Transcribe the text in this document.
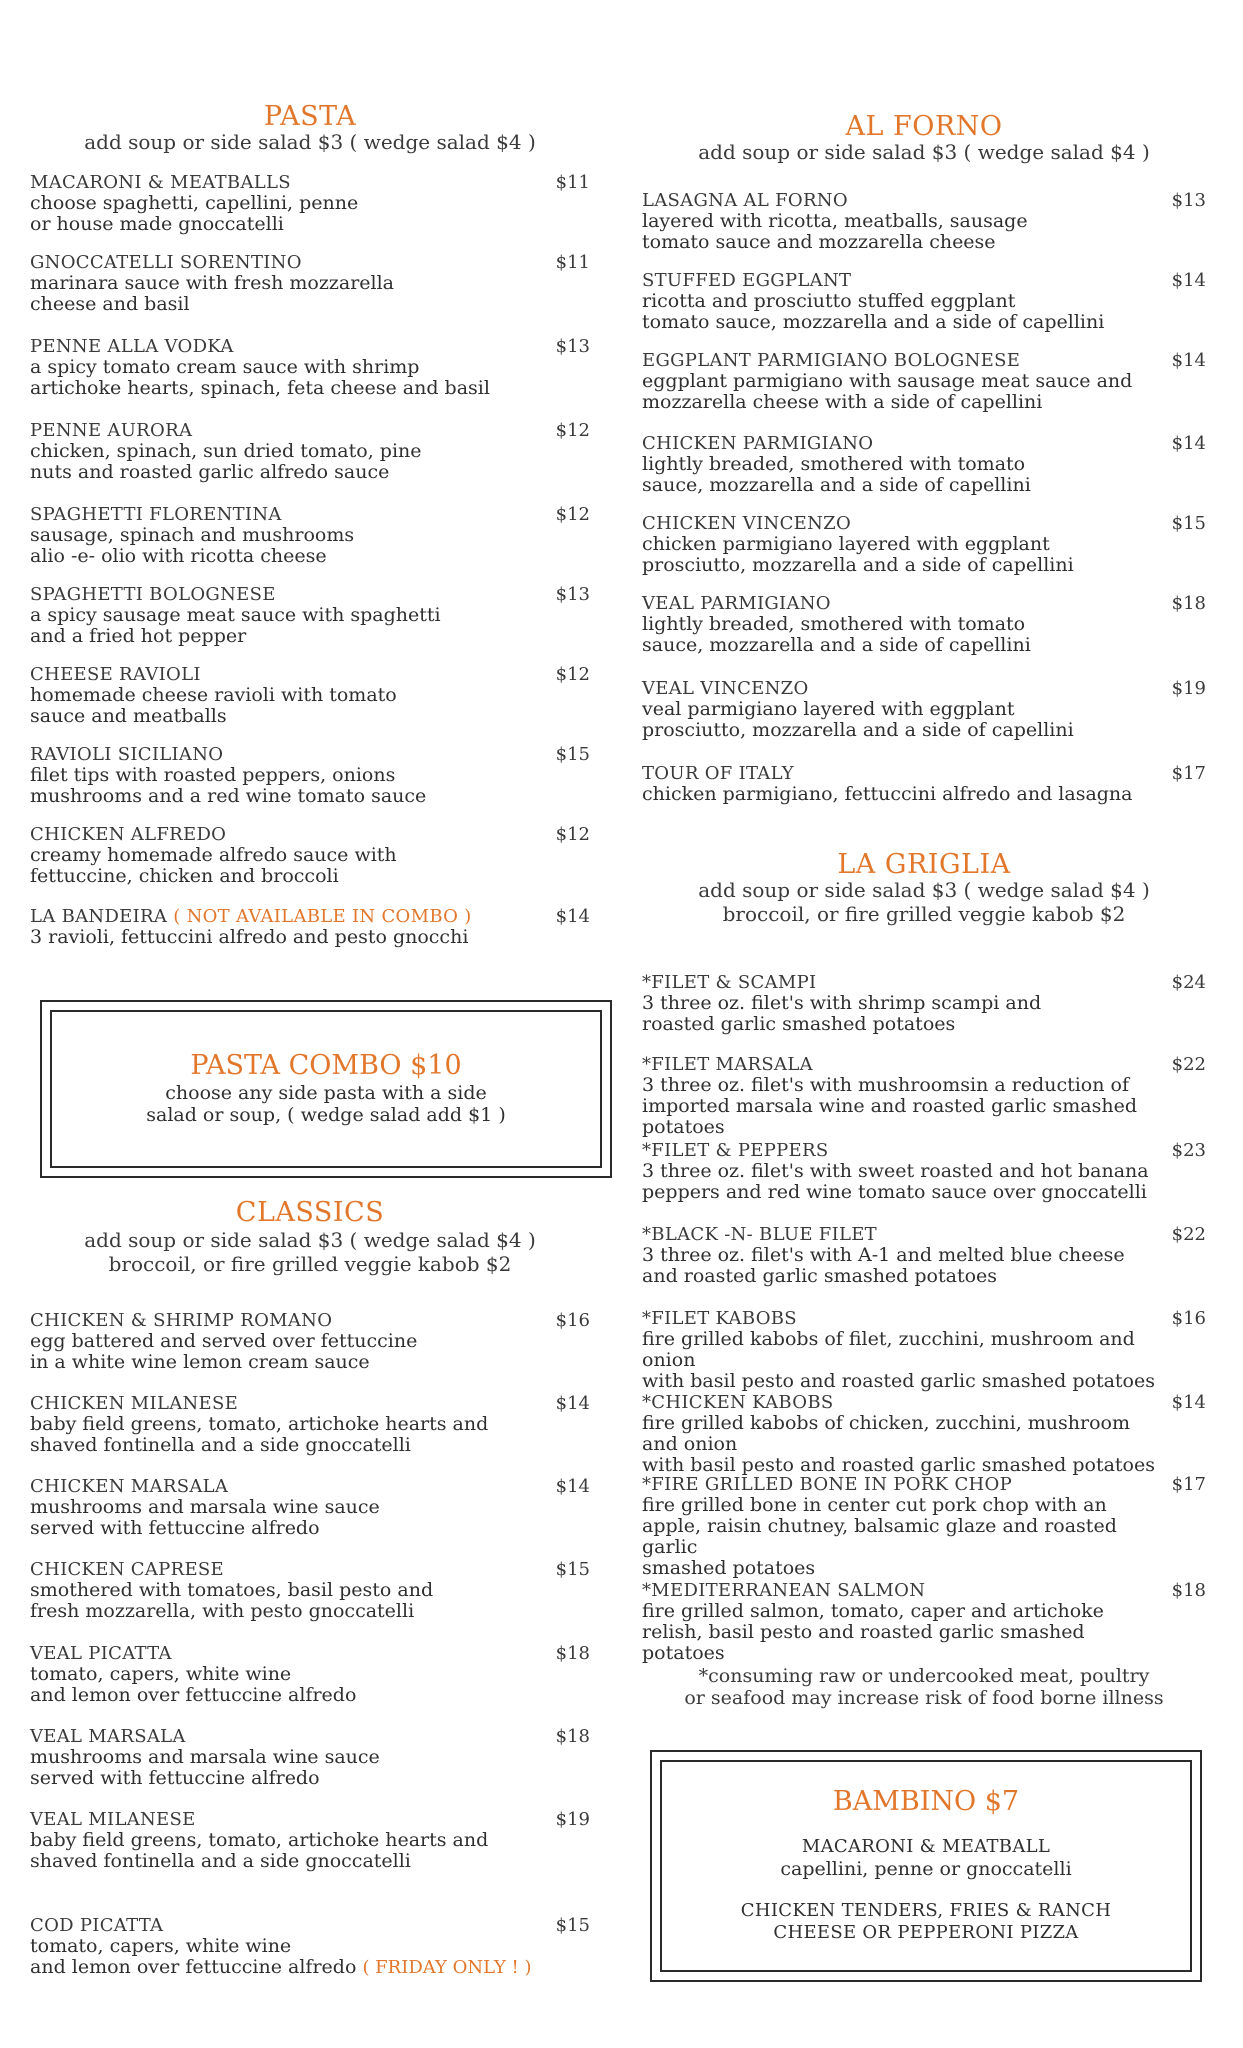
PASTA
add soup or side salad $3 ( wedge salad $4 )
MACARONI & MEATBALLS	$11
choose spaghetti, capellini, penne
or house made gnoccatelli
GNOCCATELLI SORENTINO	$11
marinara sauce with fresh mozzarella
cheese and basil
PENNE ALLA VODKA	$13
a spicy tomato cream sauce with shrimp
artichoke hearts, spinach, feta cheese and basil
PENNE AURORA	$12
chicken, spinach, sun dried tomato, pine
nuts and roasted garlic alfredo sauce
SPAGHETTI FLORENTINA	$12
sausage, spinach and mushrooms
alio -e- olio with ricotta cheese
SPAGHETTI BOLOGNESE	$13
a spicy sausage meat sauce with spaghetti
and a fried hot pepper
CHEESE RAVIOLI	$12
homemade cheese ravioli with tomato
sauce and meatballs
RAVIOLI SICILIANO	$15
filet tips with roasted peppers, onions
mushrooms and a red wine tomato sauce
CHICKEN ALFREDO	$12
creamy homemade alfredo sauce with
fettuccine, chicken and broccoli
LA BANDEIRA ( NOT AVAILABLE IN COMBO )	$14
3 ravioli, fettuccini alfredo and pesto gnocchi
PASTA COMBO $10
choose any side pasta with a side
salad or soup, ( wedge salad add $1 )
CLASSICS
add soup or side salad $3 ( wedge salad $4 )
broccoil, or fire grilled veggie kabob $2
CHICKEN & SHRIMP ROMANO	$16
egg battered and served over fettuccine
in a white wine lemon cream sauce
CHICKEN MILANESE	$14
baby field greens, tomato, artichoke hearts and
shaved fontinella and a side gnoccatelli
CHICKEN MARSALA	$14
mushrooms and marsala wine sauce
served with fettuccine alfredo
CHICKEN CAPRESE	$15
smothered with tomatoes, basil pesto and
fresh mozzarella, with pesto gnoccatelli
VEAL PICATTA	$18
tomato, capers, white wine
and lemon over fettuccine alfredo
VEAL MARSALA	$18
mushrooms and marsala wine sauce
served with fettuccine alfredo
VEAL MILANESE	$19
baby field greens, tomato, artichoke hearts and
shaved fontinella and a side gnoccatelli
COD PICATTA	$15
tomato, capers, white wine
and lemon over fettuccine alfredo ( FRIDAY ONLY ! )
AL FORNO
add soup or side salad $3 ( wedge salad $4 )
LASAGNA AL FORNO	$13
layered with ricotta, meatballs, sausage
tomato sauce and mozzarella cheese
STUFFED EGGPLANT	$14
ricotta and prosciutto stuffed eggplant
tomato sauce, mozzarella and a side of capellini
EGGPLANT PARMIGIANO BOLOGNESE	$14
eggplant parmigiano with sausage meat sauce and
mozzarella cheese with a side of capellini
CHICKEN PARMIGIANO	$14
lightly breaded, smothered with tomato
sauce, mozzarella and a side of capellini
CHICKEN VINCENZO	$15
chicken parmigiano layered with eggplant
prosciutto, mozzarella and a side of capellini
VEAL PARMIGIANO	$18
lightly breaded, smothered with tomato
sauce, mozzarella and a side of capellini
VEAL VINCENZO	$19
veal parmigiano layered with eggplant
prosciutto, mozzarella and a side of capellini
TOUR OF ITALY	$17
chicken parmigiano, fettuccini alfredo and lasagna
LA GRIGLIA
add soup or side salad $3 ( wedge salad $4 )
broccoil, or fire grilled veggie kabob $2
*FILET & SCAMPI	$24
3 three oz. filet's with shrimp scampi and
roasted garlic smashed potatoes
*FILET MARSALA	$22
3 three oz. filet's with mushroomsin a reduction of
imported marsala wine and roasted garlic smashed potatoes
*FILET & PEPPERS	$23
3 three oz. filet's with sweet roasted and hot banana
peppers and red wine tomato sauce over gnoccatelli
*BLACK -N- BLUE FILET	$22
3 three oz. filet's with A-1 and melted blue cheese
and roasted garlic smashed potatoes
*FILET KABOBS	$16
fire grilled kabobs of filet, zucchini, mushroom and onion
with basil pesto and roasted garlic smashed potatoes
*CHICKEN KABOBS	$14
fire grilled kabobs of chicken, zucchini, mushroom and onion
with basil pesto and roasted garlic smashed potatoes
*FIRE GRILLED BONE IN PORK CHOP	$17
fire grilled bone in center cut pork chop with an
apple, raisin chutney, balsamic glaze and roasted garlic
smashed potatoes
*MEDITERRANEAN SALMON	$18
fire grilled salmon, tomato, caper and artichoke
relish, basil pesto and roasted garlic smashed potatoes
*consuming raw or undercooked meat, poultry
or seafood may increase risk of food borne illness
BAMBINO $7
MACARONI & MEATBALL
capellini, penne or gnoccatelli
CHICKEN TENDERS, FRIES & RANCH
CHEESE OR PEPPERONI PIZZA
